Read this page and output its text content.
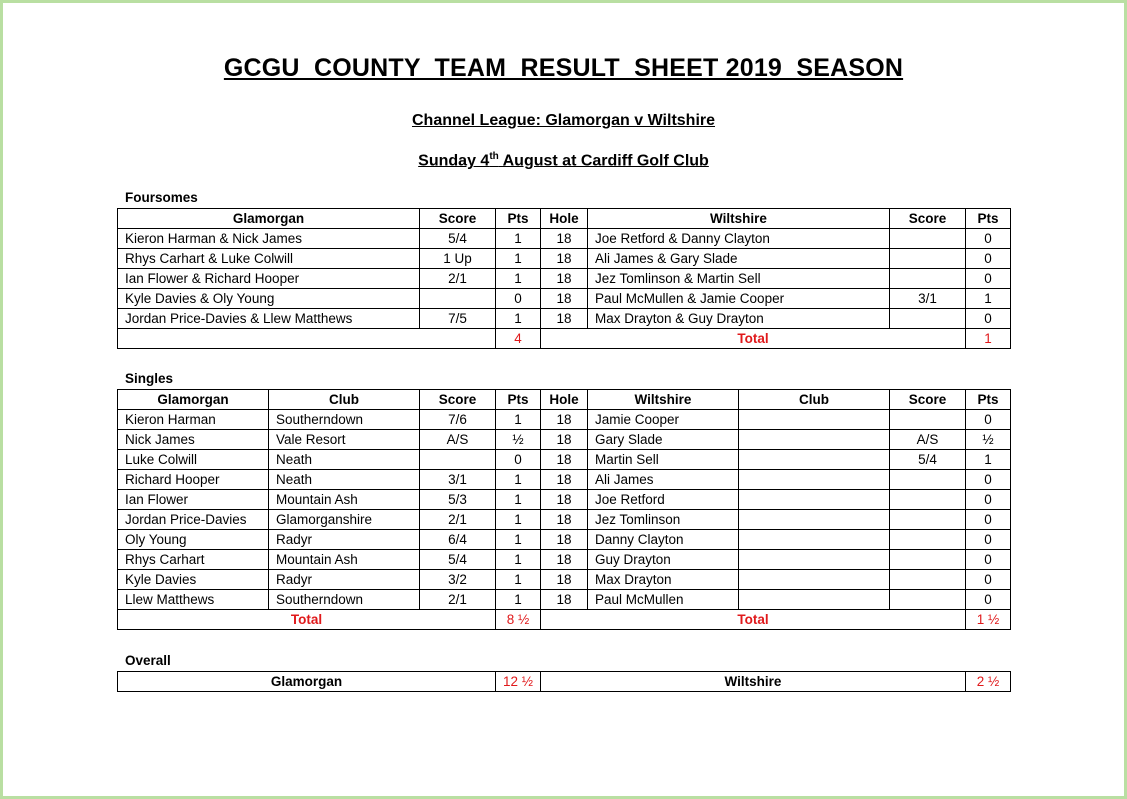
GCGU  COUNTY  TEAM  RESULT  SHEET 2019  SEASON
Channel League: Glamorgan v Wiltshire
Sunday 4th August at Cardiff Golf Club
Foursomes
Glamorgan	Score	Pts	Hole	Wiltshire	Score	Pts
Kieron Harman & Nick James	5/4	1	18	Joe Retford & Danny Clayton		0
Rhys Carhart & Luke Colwill	1 Up	1	18	Ali James & Gary Slade		0
Ian Flower & Richard Hooper	2/1	1	18	Jez Tomlinson & Martin Sell		0
Kyle Davies & Oly Young		0	18	Paul McMullen & Jamie Cooper	3/1	1
Jordan Price-Davies & Llew Matthews	7/5	1	18	Max Drayton & Guy Drayton		0
		4	Total			1
Singles
Glamorgan	Club	Score	Pts	Hole	Wiltshire	Club	Score	Pts
Kieron Harman	Southerndown	7/6	1	18	Jamie Cooper			0
Nick James	Vale Resort	A/S	½	18	Gary Slade		A/S	½
Luke Colwill	Neath		0	18	Martin Sell		5/4	1
Richard Hooper	Neath	3/1	1	18	Ali James			0
Ian Flower	Mountain Ash	5/3	1	18	Joe Retford			0
Jordan Price-Davies	Glamorganshire	2/1	1	18	Jez Tomlinson			0
Oly Young	Radyr	6/4	1	18	Danny Clayton			0
Rhys Carhart	Mountain Ash	5/4	1	18	Guy Drayton			0
Kyle Davies	Radyr	3/2	1	18	Max Drayton			0
Llew Matthews	Southerndown	2/1	1	18	Paul McMullen			0
Total			8 ½	Total				1 ½
Overall
Glamorgan	12 ½	Wiltshire	2 ½
